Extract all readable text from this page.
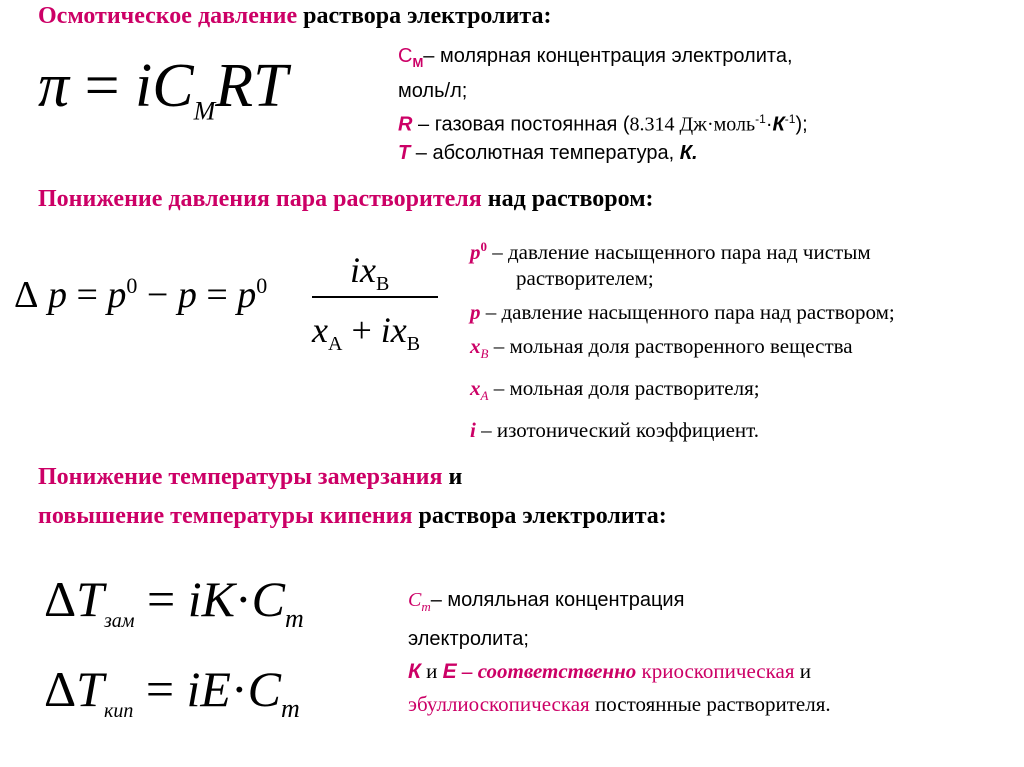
Осмотическое давление раствора электролита:
$\pi = iC_MRT$	$C_M-$ молярная концентрация электролита,
моль/л;
R – газовая постоянная (8.314 $Дж\cdot моль^{-1}\cdot К^{-1}$);
T – абсолютная температура, К.
Понижение давления пара растворителя над раствором:
Δ $p = p^0 - p = p^0$ $ix_B$
$x_A + ix_B$
$p^0$ – давление насыщенного пара над чистым
растворителем;
p – давление насыщенного пара над раствором;
$x_B$ – мольная доля растворенного вещества
$x_A$ – мольная доля растворителя;
i – изотонический коэффициент.
Понижение температуры замерзания и
повышение температуры кипения раствора электролита:
$\Delta T_{зам} = iK\cdot C_m$
$\Delta T_{кип} = iE\cdot C_m$
$C_m-$ моляльная концентрация
электролита;
К и Е – соответственно криоскопическая и
эбуллиоскопическая постоянные растворителя.
